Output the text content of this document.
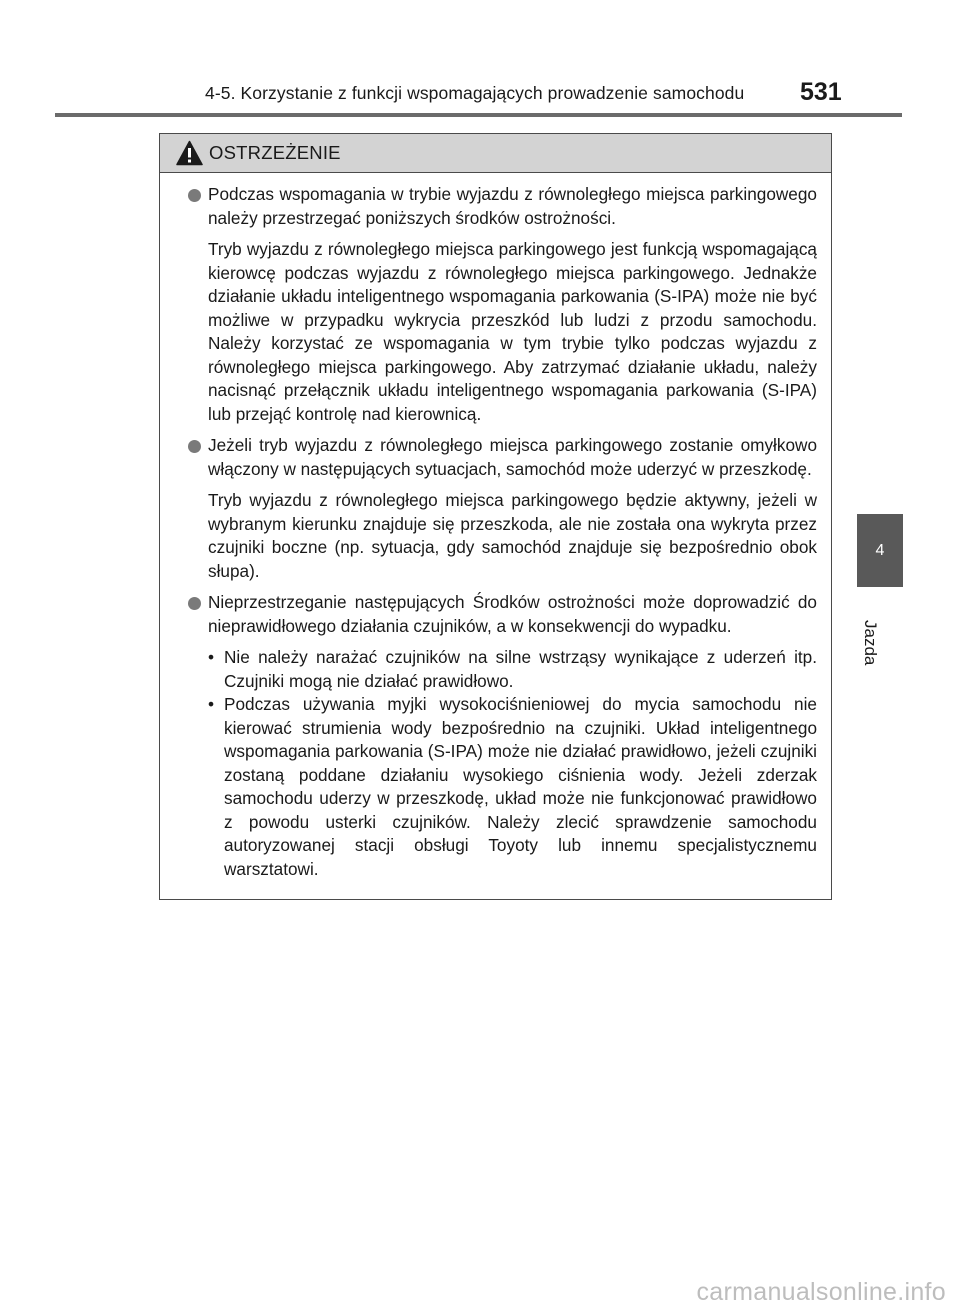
4-5. Korzystanie z funkcji wspomagających prowadzenie samochodu 531
OSTRZEŻENIE
Podczas wspomagania w trybie wyjazdu z równoległego miejsca parkingowego należy przestrzegać poniższych środków ostrożności.
Tryb wyjazdu z równoległego miejsca parkingowego jest funkcją wspomagającą kierowcę podczas wyjazdu z równoległego miejsca parkingowego. Jednakże działanie układu inteligentnego wspomagania parkowania (S-IPA) może nie być możliwe w przypadku wykrycia przeszkód lub ludzi z przodu samochodu. Należy korzystać ze wspomagania w tym trybie tylko podczas wyjazdu z równoległego miejsca parkingowego. Aby zatrzymać działanie układu, należy nacisnąć przełącznik układu inteligentnego wspomagania parkowania (S-IPA) lub przejąć kontrolę nad kierownicą.
Jeżeli tryb wyjazdu z równoległego miejsca parkingowego zostanie omyłkowo włączony w następujących sytuacjach, samochód może uderzyć w przeszkodę.
Tryb wyjazdu z równoległego miejsca parkingowego będzie aktywny, jeżeli w wybranym kierunku znajduje się przeszkoda, ale nie została ona wykryta przez czujniki boczne (np. sytuacja, gdy samochód znajduje się bezpośrednio obok słupa).
Nieprzestrzeganie następujących Środków ostrożności może doprowadzić do nieprawidłowego działania czujników, a w konsekwencji do wypadku.
• Nie należy narażać czujników na silne wstrząsy wynikające z uderzeń itp. Czujniki mogą nie działać prawidłowo.
• Podczas używania myjki wysokociśnieniowej do mycia samochodu nie kierować strumienia wody bezpośrednio na czujniki. Układ inteligentnego wspomagania parkowania (S-IPA) może nie działać prawidłowo, jeżeli czujniki zostaną poddane działaniu wysokiego ciśnienia wody. Jeżeli zderzak samochodu uderzy w przeszkodę, układ może nie funkcjonować prawidłowo z powodu usterki czujników. Należy zlecić sprawdzenie samochodu autoryzowanej stacji obsługi Toyoty lub innemu specjalistycznemu warsztatowi.
4
Jazda
carmanualsonline.info
